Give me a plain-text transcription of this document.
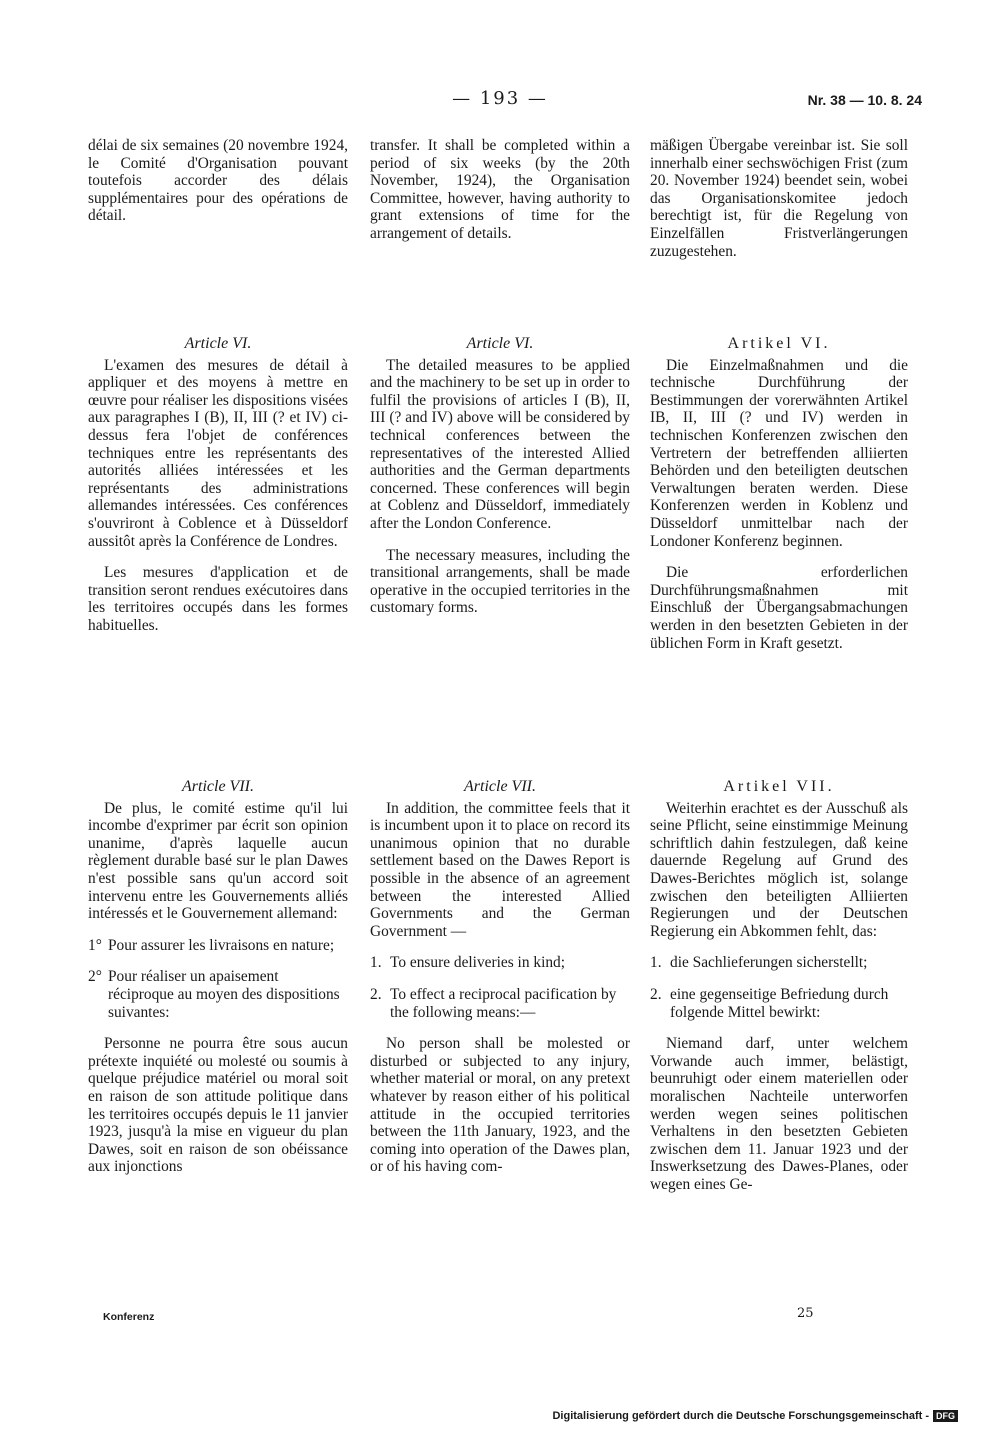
— 193 —	Nr. 38 — 10. 8. 24

délai de six semaines (20 novembre 1924, le Comité d'Organisation pouvant toutefois accorder des délais supplémentaires pour des opérations de détail.

Article VI.

L'examen des mesures de détail à appliquer et des moyens à mettre en œuvre pour réaliser les dispositions visées aux paragraphes I (B), II, III (? et IV) ci-dessus fera l'objet de conférences techniques entre les représentants des autorités alliées intéressées et les représentants des administrations allemandes intéressées. Ces conférences s'ouvriront à Coblence et à Düsseldorf aussitôt après la Conférence de Londres.

Les mesures d'application et de transition seront rendues exécutoires dans les territoires occupés dans les formes habituelles.

Article VII.

De plus, le comité estime qu'il lui incombe d'exprimer par écrit son opinion unanime, d'après laquelle aucun règlement durable basé sur le plan Dawes n'est possible sans qu'un accord soit intervenu entre les Gouvernements alliés intéressés et le Gouvernement allemand:

1° Pour assurer les livraisons en nature;
2° Pour réaliser un apaisement réciproque au moyen des dispositions suivantes:

Personne ne pourra être sous aucun prétexte inquiété ou molesté ou soumis à quelque préjudice matériel ou moral soit en raison de son attitude politique dans les territoires occupés depuis le 11 janvier 1923, jusqu'à la mise en vigueur du plan Dawes, soit en raison de son obéissance aux injonctions

transfer. It shall be completed within a period of six weeks (by the 20th November, 1924), the Organisation Committee, however, having authority to grant extensions of time for the arrangement of details.

Article VI.

The detailed measures to be applied and the machinery to be set up in order to fulfil the provisions of articles I (B), II, III (? and IV) above will be considered by technical conferences between the representatives of the interested Allied authorities and the German departments concerned. These conferences will begin at Coblenz and Düsseldorf, immediately after the London Conference.

The necessary measures, including the transitional arrangements, shall be made operative in the occupied territories in the customary forms.

Article VII.

In addition, the committee feels that it is incumbent upon it to place on record its unanimous opinion that no durable settlement based on the Dawes Report is possible in the absence of an agreement between the interested Allied Governments and the German Government —

1. To ensure deliveries in kind;
2. To effect a reciprocal pacification by the following means:—

No person shall be molested or disturbed or subjected to any injury, whether material or moral, on any pretext whatever by reason either of his political attitude in the occupied territories between the 11th January, 1923, and the coming into operation of the Dawes plan, or of his having com-

mäßigen Übergabe vereinbar ist. Sie soll innerhalb einer sechswöchigen Frist (zum 20. November 1924) beendet sein, wobei das Organisationskomitee jedoch berechtigt ist, für die Regelung von Einzelfällen Fristverlängerungen zuzugestehen.

Artikel VI.

Die Einzelmaßnahmen und die technische Durchführung der Bestimmungen der vorerwähnten Artikel IB, II, III (? und IV) werden in technischen Konferenzen zwischen den Vertretern der betreffenden alliierten Behörden und den beteiligten deutschen Verwaltungen beraten werden. Diese Konferenzen werden in Koblenz und Düsseldorf unmittelbar nach der Londoner Konferenz beginnen.

Die erforderlichen Durchführungsmaßnahmen mit Einschluß der Übergangsabmachungen werden in den besetzten Gebieten in der üblichen Form in Kraft gesetzt.

Artikel VII.

Weiterhin erachtet es der Ausschuß als seine Pflicht, seine einstimmige Meinung schriftlich dahin festzulegen, daß keine dauernde Regelung auf Grund des Dawes-Berichtes möglich ist, solange zwischen den beteiligten Alliierten Regierungen und der Deutschen Regierung ein Abkommen fehlt, das:

1. die Sachlieferungen sicherstellt;
2. eine gegenseitige Befriedung durch folgende Mittel bewirkt:

Niemand darf, unter welchem Vorwande auch immer, belästigt, beunruhigt oder einem materiellen oder moralischen Nachteile unterworfen werden wegen seines politischen Verhaltens in den besetzten Gebieten zwischen dem 11. Januar 1923 und der Inswerksetzung des Dawes-Planes, oder wegen eines Ge-

Konferenz	25
Digitalisierung gefördert durch die Deutsche Forschungsgemeinschaft - DFG
